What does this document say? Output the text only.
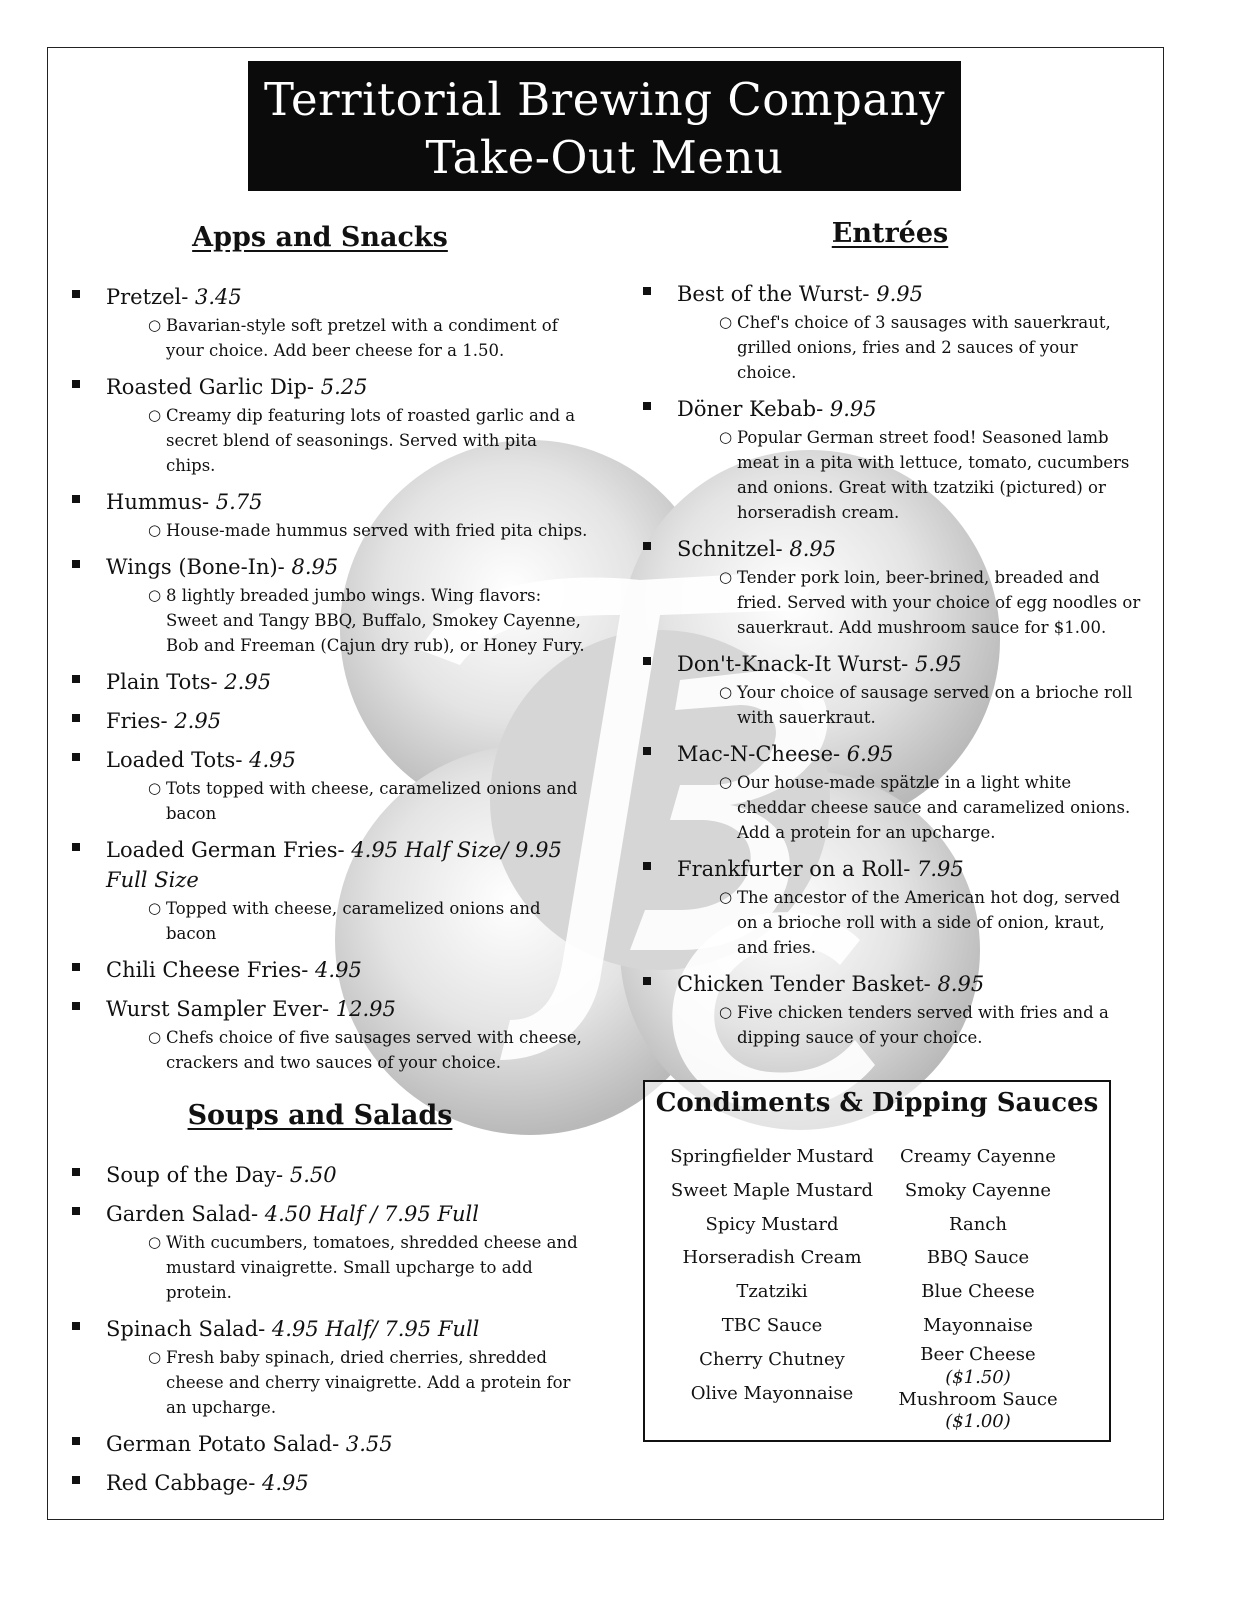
Territorial Brewing Company
Take-Out Menu
Apps and Snacks	Entrées
Soups and Salads
Pretzel- 3.45
○ Bavarian-style soft pretzel with a condiment of your choice. Add beer cheese for a 1.50.
Roasted Garlic Dip- 5.25
○ Creamy dip featuring lots of roasted garlic and a secret blend of seasonings. Served with pita chips.
Hummus- 5.75
○ House-made hummus served with fried pita chips.
Wings (Bone-In)- 8.95
○ 8 lightly breaded jumbo wings. Wing flavors: Sweet and Tangy BBQ, Buffalo, Smokey Cayenne, Bob and Freeman (Cajun dry rub), or Honey Fury.
Plain Tots- 2.95
Fries- 2.95
Loaded Tots- 4.95
○ Tots topped with cheese, caramelized onions and bacon
Loaded German Fries- 4.95 Half Size/ 9.95 Full Size
○ Topped with cheese, caramelized onions and bacon
Chili Cheese Fries- 4.95
Wurst Sampler Ever- 12.95
○ Chefs choice of five sausages served with cheese, crackers and two sauces of your choice.
Best of the Wurst- 9.95
○ Chef's choice of 3 sausages with sauerkraut, grilled onions, fries and 2 sauces of your choice.
Döner Kebab- 9.95
○ Popular German street food! Seasoned lamb meat in a pita with lettuce, tomato, cucumbers and onions. Great with tzatziki (pictured) or horseradish cream.
Schnitzel- 8.95
○ Tender pork loin, beer-brined, breaded and fried. Served with your choice of egg noodles or sauerkraut. Add mushroom sauce for $1.00.
Don't-Knack-It Wurst- 5.95
○ Your choice of sausage served on a brioche roll with sauerkraut.
Mac-N-Cheese- 6.95
○ Our house-made spätzle in a light white cheddar cheese sauce and caramelized onions. Add a protein for an upcharge.
Frankfurter on a Roll- 7.95
○ The ancestor of the American hot dog, served on a brioche roll with a side of onion, kraut, and fries.
Chicken Tender Basket- 8.95
○ Five chicken tenders served with fries and a dipping sauce of your choice.
Soup of the Day- 5.50
Garden Salad- 4.50 Half / 7.95 Full
○ With cucumbers, tomatoes, shredded cheese and mustard vinaigrette. Small upcharge to add protein.
Spinach Salad- 4.95 Half/ 7.95 Full
○ Fresh baby spinach, dried cherries, shredded cheese and cherry vinaigrette. Add a protein for an upcharge.
German Potato Salad- 3.55
Red Cabbage- 4.95
Condiments & Dipping Sauces
Springfielder Mustard
Sweet Maple Mustard
Spicy Mustard
Horseradish Cream
Tzatziki
TBC Sauce
Cherry Chutney
Olive Mayonnaise
Creamy Cayenne
Smoky Cayenne
Ranch
BBQ Sauce
Blue Cheese
Mayonnaise
Beer Cheese
($1.50)
Mushroom Sauce
($1.00)
